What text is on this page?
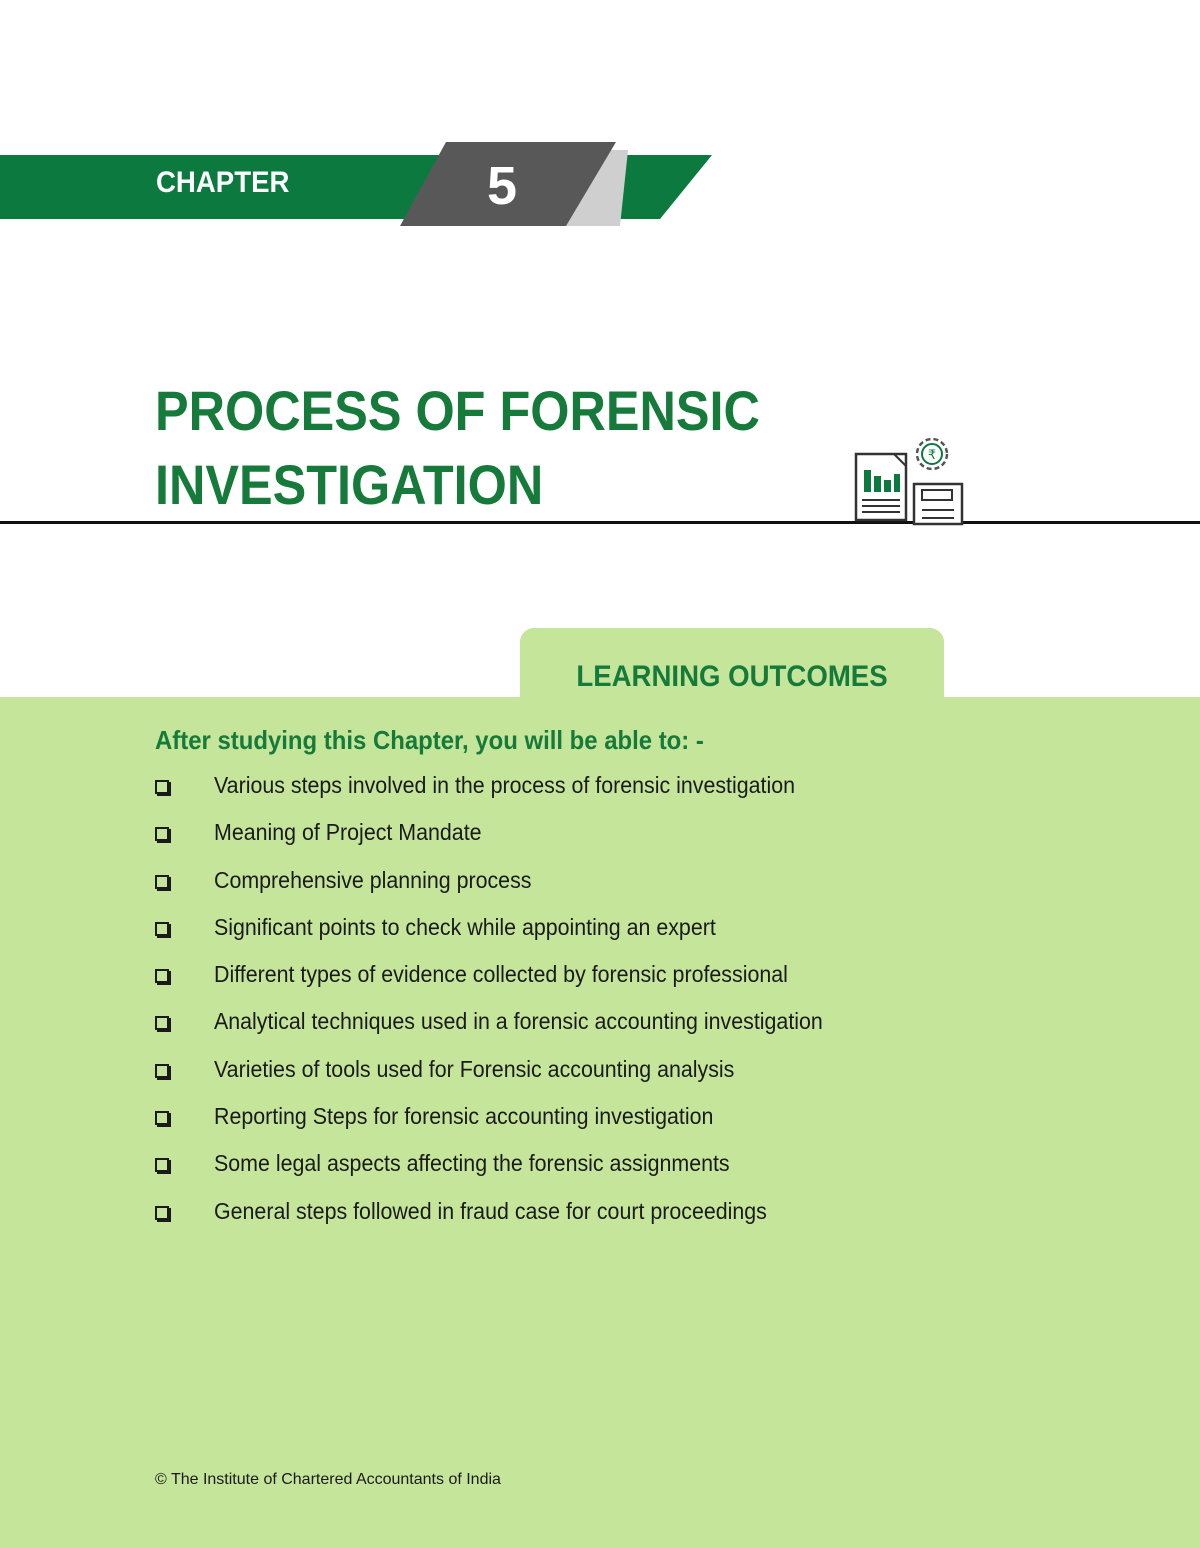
CHAPTER	5
PROCESS OF FORENSIC
INVESTIGATION	₹
LEARNING OUTCOMES
After studying this Chapter, you will be able to: -
Various steps involved in the process of forensic investigation
Meaning of Project Mandate
Comprehensive planning process
Significant points to check while appointing an expert
Different types of evidence collected by forensic professional
Analytical techniques used in a forensic accounting investigation
Varieties of tools used for Forensic accounting analysis
Reporting Steps for forensic accounting investigation
Some legal aspects affecting the forensic assignments
General steps followed in fraud case for court proceedings
© The Institute of Chartered Accountants of India
